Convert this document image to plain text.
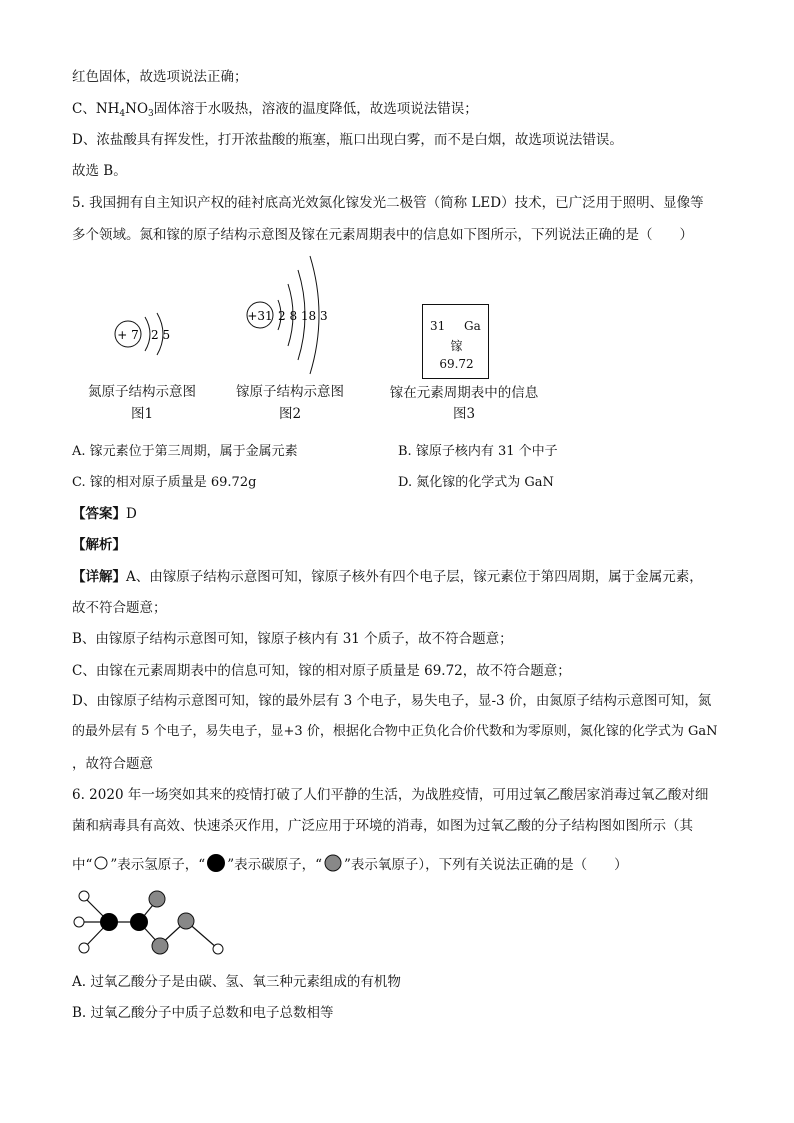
红色固体，故选项说法正确；
C、$NH_4NO_3$固体溶于水吸热，溶液的温度降低，故选项说法错误；
D、浓盐酸具有挥发性，打开浓盐酸的瓶塞，瓶口出现白雾，而不是白烟，故选项说法错误。
故选 B。
5. 我国拥有自主知识产权的硅衬底高光效氮化镓发光二极管（简称 LED）技术，已广泛用于照明、显像等
多个领域。氮和镓的原子结构示意图及镓在元素周期表中的信息如下图所示，下列说法正确的是（　　）
+ 7 2 5
氮原子结构示意图
图1
+31 2 8 18 3
镓原子结构示意图
图2
31 Ga
镓
69.72
镓在元素周期表中的信息
图3
A. 镓元素位于第三周期，属于金属元素	B. 镓原子核内有 31 个中子
C. 镓的相对原子质量是 69.72g	D. 氮化镓的化学式为 GaN
【答案】D
【解析】
【详解】A、由镓原子结构示意图可知，镓原子核外有四个电子层，镓元素位于第四周期，属于金属元素，
故不符合题意；
B、由镓原子结构示意图可知，镓原子核内有 31 个质子，故不符合题意；
C、由镓在元素周期表中的信息可知，镓的相对原子质量是 69.72，故不符合题意；
D、由镓原子结构示意图可知，镓的最外层有 3 个电子，易失电子，显-3 价，由氮原子结构示意图可知，氮
的最外层有 5 个电子，易失电子，显+3 价，根据化合物中正负化合价代数和为零原则，氮化镓的化学式为 GaN
，故符合题意
6. 2020 年一场突如其来的疫情打破了人们平静的生活，为战胜疫情，可用过氧乙酸居家消毒过氧乙酸对细
菌和病毒具有高效、快速杀灭作用，广泛应用于环境的消毒，如图为过氧乙酸的分子结构图如图所示（其
中“ ”表示氢原子，“ ”表示碳原子，“ ”表示氧原子），下列有关说法正确的是（　　）
A. 过氧乙酸分子是由碳、氢、氧三种元素组成的有机物
B. 过氧乙酸分子中质子总数和电子总数相等
